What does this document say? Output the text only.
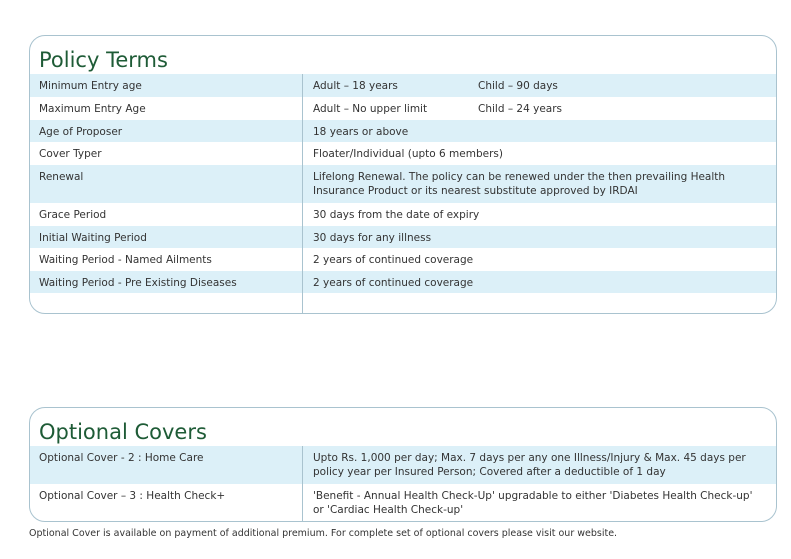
Policy Terms
Minimum Entry age	Adult – 18 years	Child – 90 days
Maximum Entry Age	Adult – No upper limit	Child – 24 years
Age of Proposer	18 years or above
Cover Typer	Floater/Individual (upto 6 members)
Renewal	Lifelong Renewal. The policy can be renewed under the then prevailing Health Insurance Product or its nearest substitute approved by IRDAI
Grace Period	30 days from the date of expiry
Initial Waiting Period	30 days for any illness
Waiting Period - Named Ailments	2 years of continued coverage
Waiting Period - Pre Existing Diseases	2 years of continued coverage
Optional Covers
Optional Cover - 2 : Home Care	Upto Rs. 1,000 per day; Max. 7 days per any one Illness/Injury & Max. 45 days per policy year per Insured Person; Covered after a deductible of 1 day
Optional Cover – 3 : Health Check+	'Benefit - Annual Health Check-Up' upgradable to either 'Diabetes Health Check-up' or 'Cardiac Health Check-up'
Optional Cover is available on payment of additional premium. For complete set of optional covers please visit our website.
